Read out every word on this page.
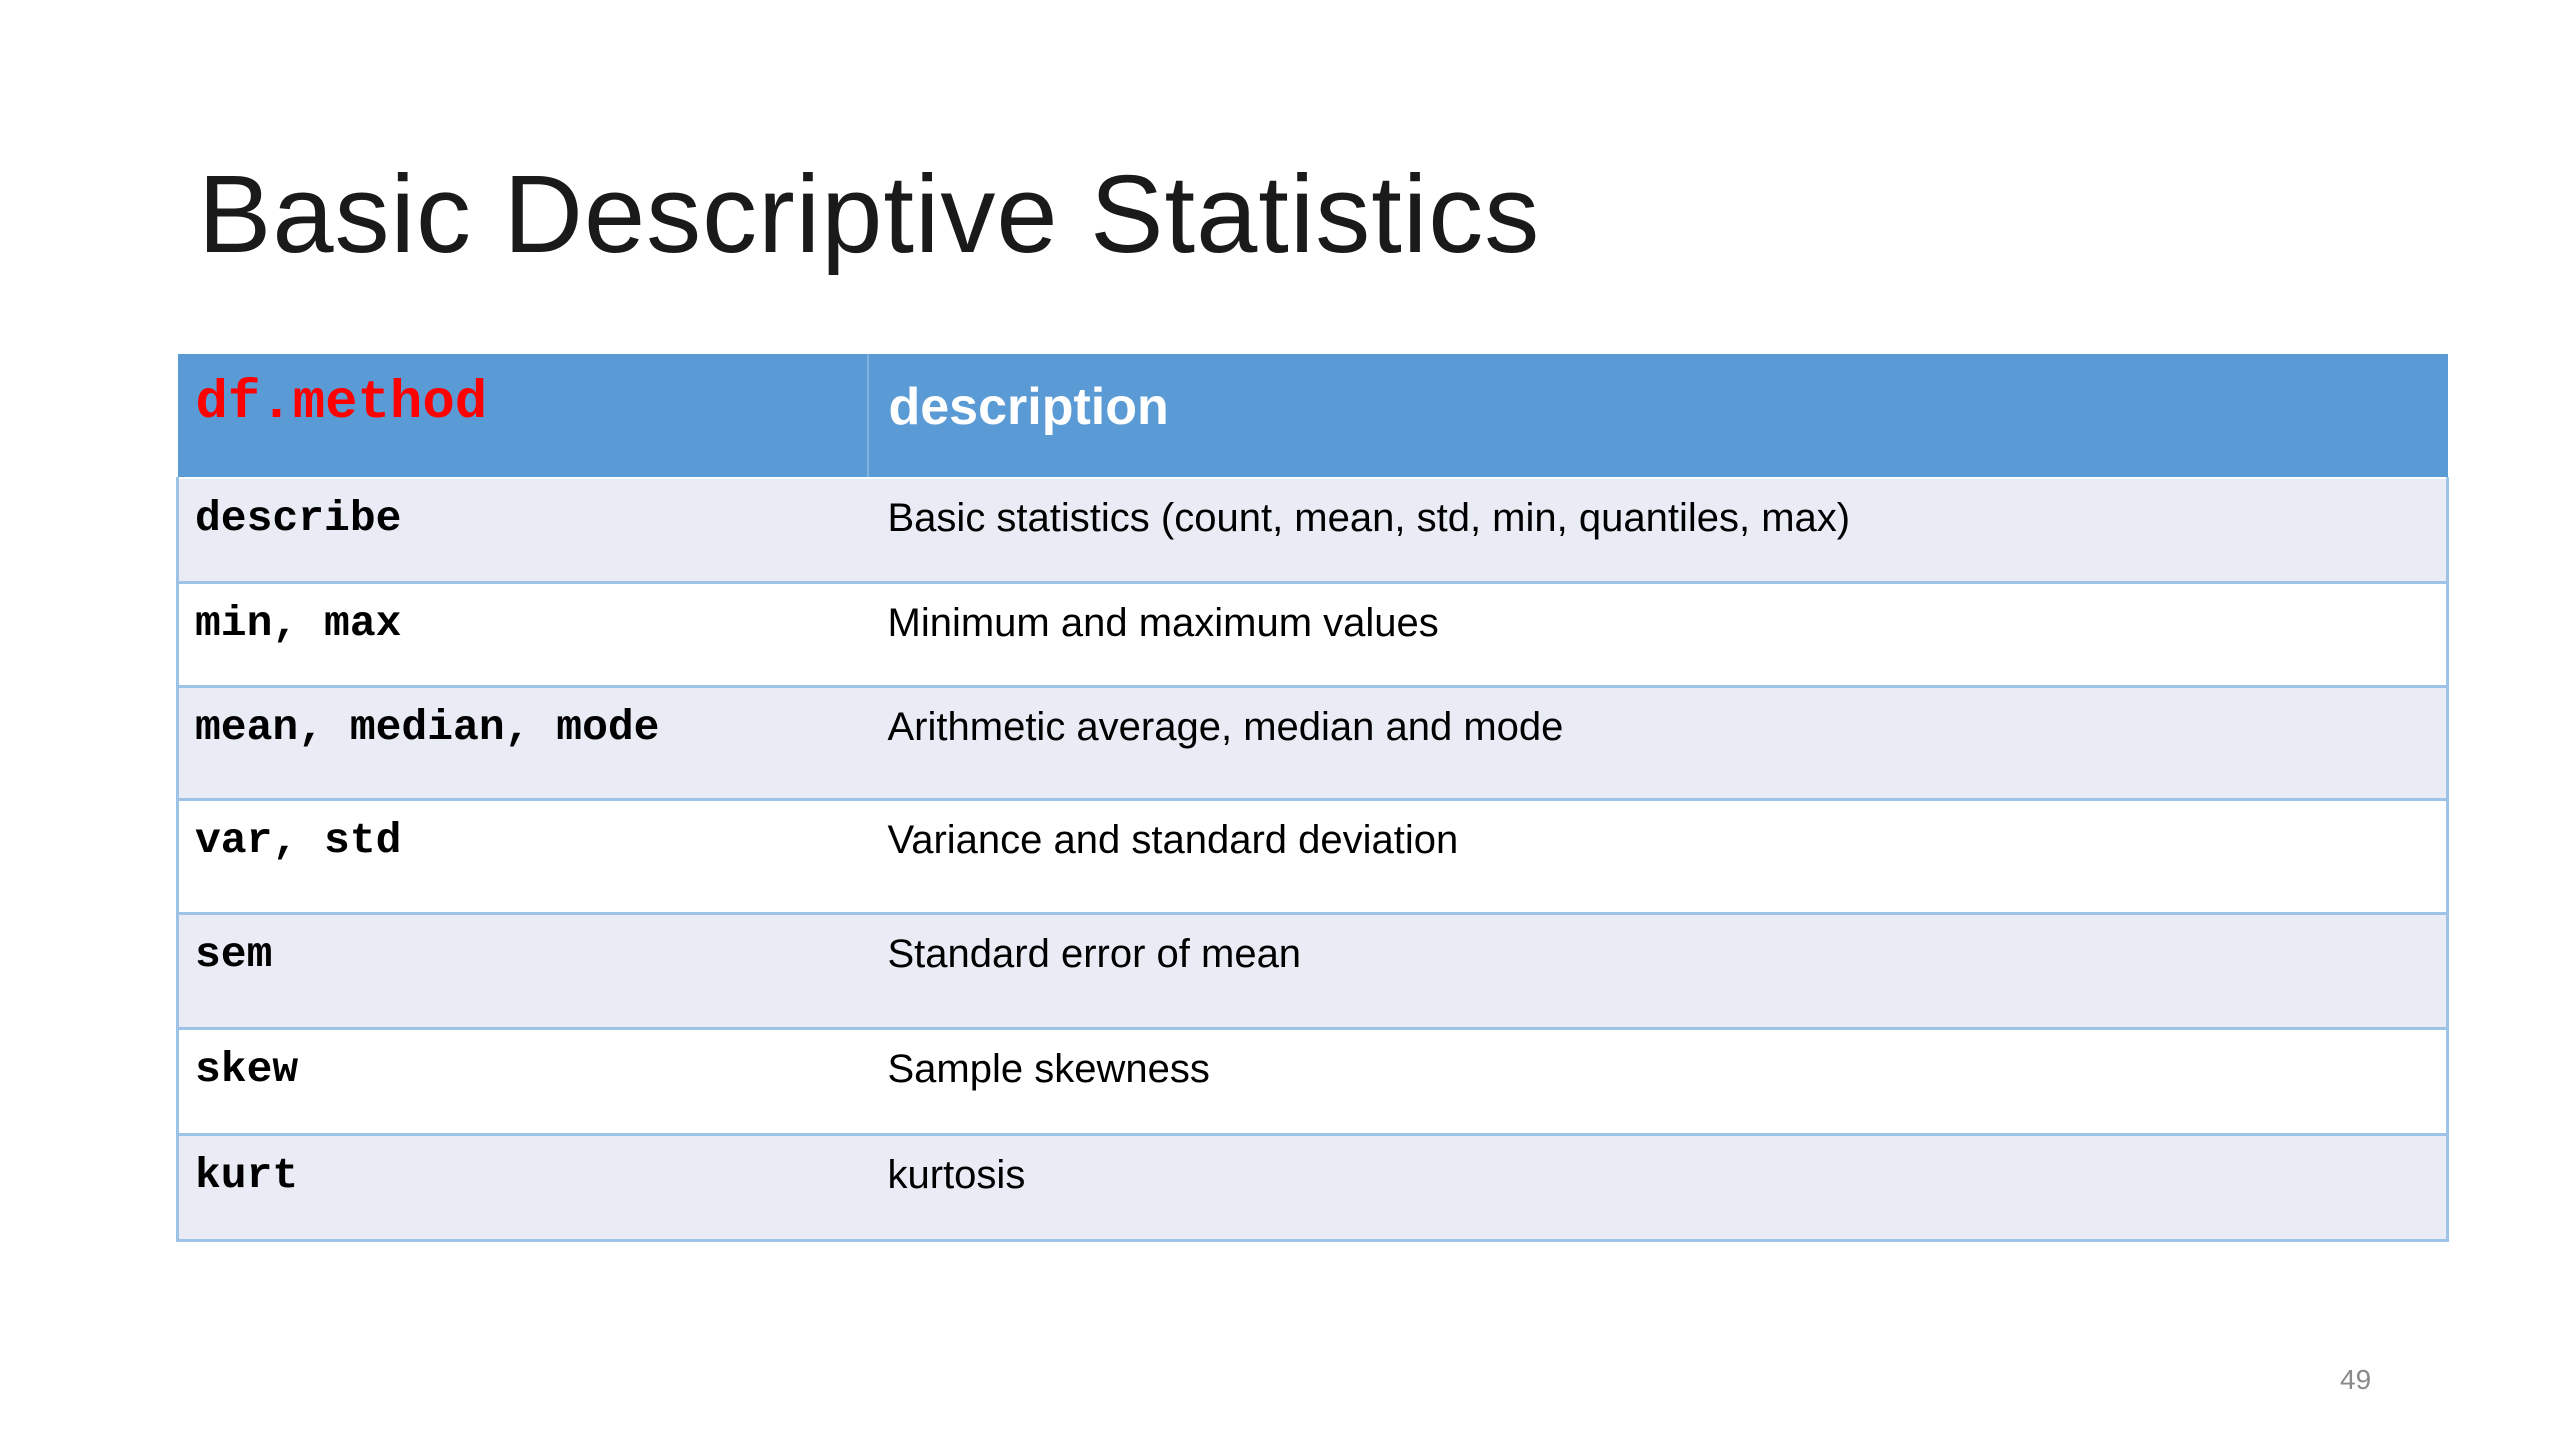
Basic Descriptive Statistics
df.method	description

describe	Basic statistics (count, mean, std, min, quantiles, max)

min, max	Minimum and maximum values

mean, median, mode	Arithmetic average, median and mode

var, std	Variance and standard deviation

sem	Standard error of mean

skew	Sample skewness

kurt	kurtosis
49
